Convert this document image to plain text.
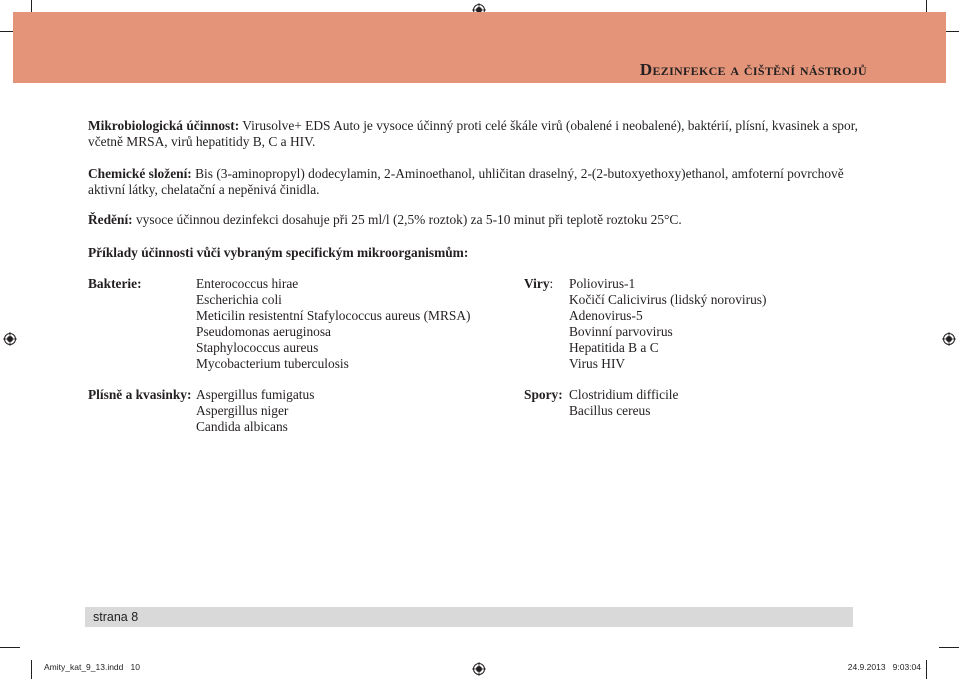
Dezinfekce a čištění nástrojů
Mikrobiologická účinnost: Virusolve+ EDS Auto je vysoce účinný proti celé škále virů (obalené i neobalené), baktérií, plísní, kvasinek a spor, včetně MRSA, virů hepatitidy B, C a HIV.
Chemické složení: Bis (3-aminopropyl) dodecylamin, 2-Aminoethanol, uhličitan draselný, 2-(2-butoxyethoxy)ethanol, amfoterní povrchově aktivní látky, chelatační a nepěnivá činidla.
Ředění: vysoce účinnou dezinfekci dosahuje při 25 ml/l (2,5% roztok) za 5-10 minut při teplotě roztoku 25°C.
Příklady účinnosti vůči vybraným specifickým mikroorganismům:
Bakterie:	Enterococcus hirae
Escherichia coli
Meticilin resistentní Stafylococcus aureus (MRSA)
Pseudomonas aeruginosa
Staphylococcus aureus
Mycobacterium tuberculosis
Viry: Poliovirus-1
Kočičí Calicivirus (lidský norovirus)
Adenovirus-5
Bovinní parvovirus
Hepatitida B a C
Virus HIV
Plísně a kvasinky: Aspergillus fumigatus
Aspergillus niger
Candida albicans
Spory: Clostridium difficile
Bacillus cereus
strana 8
Amity_kat_9_13.indd   10	24.9.2013   9:03:04
